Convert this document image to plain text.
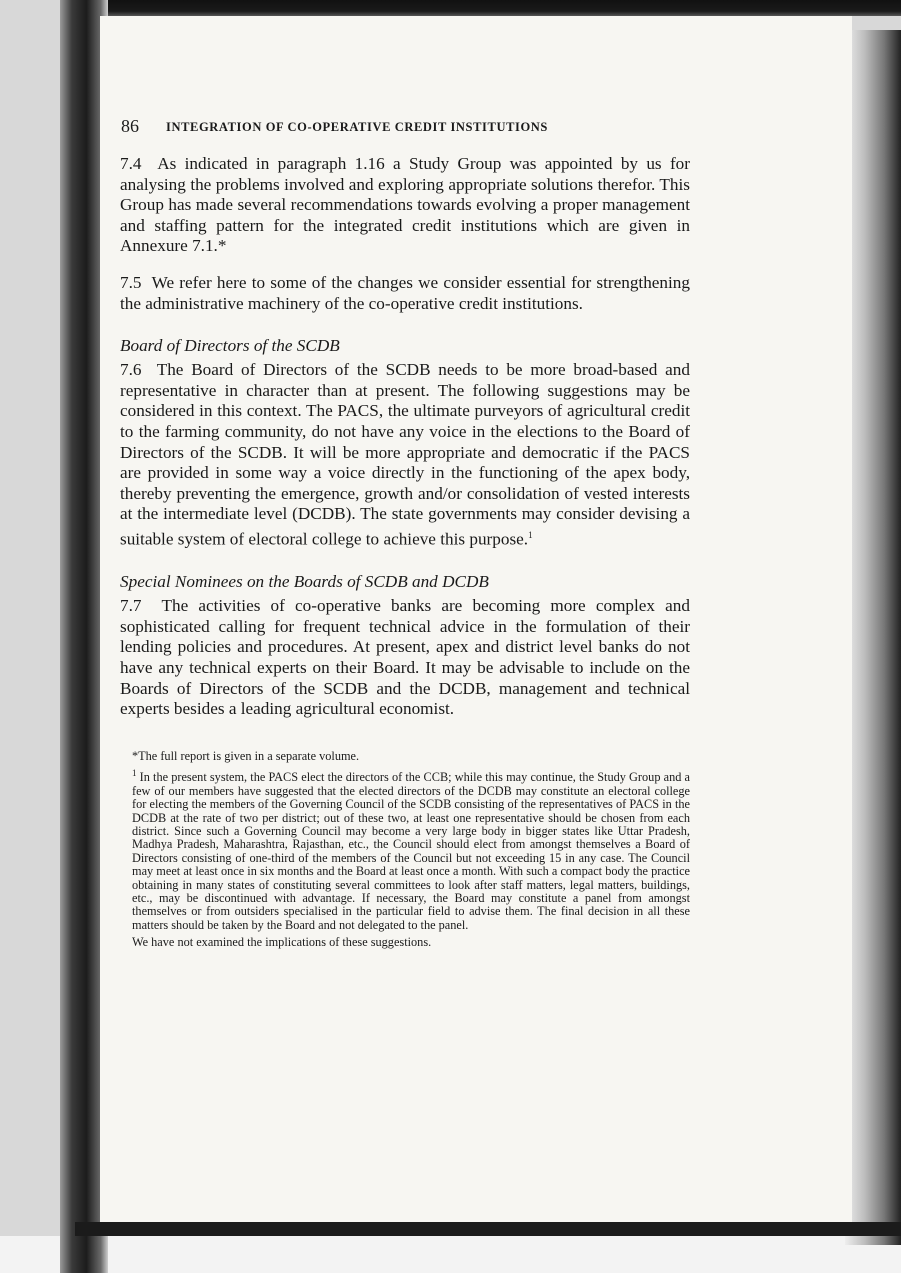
86 INTEGRATION OF CO-OPERATIVE CREDIT INSTITUTIONS

7.4 As indicated in paragraph 1.16 a Study Group was appointed by us for analysing the problems involved and exploring appropriate solutions therefor. This Group has made several recommendations towards evolving a proper management and staffing pattern for the integrated credit institutions which are given in Annexure 7.1.*

7.5 We refer here to some of the changes we consider essential for strengthening the administrative machinery of the co-operative credit institutions.

Board of Directors of the SCDB

7.6 The Board of Directors of the SCDB needs to be more broad-based and representative in character than at present. The following suggestions may be considered in this context. The PACS, the ultimate purveyors of agricultural credit to the farming community, do not have any voice in the elections to the Board of Directors of the SCDB. It will be more appropriate and democratic if the PACS are provided in some way a voice directly in the functioning of the apex body, thereby preventing the emergence, growth and/or consolidation of vested interests at the intermediate level (DCDB). The state governments may consider devising a suitable system of electoral college to achieve this purpose.$^1$

Special Nominees on the Boards of SCDB and DCDB

7.7 The activities of co-operative banks are becoming more complex and sophisticated calling for frequent technical advice in the formulation of their lending policies and procedures. At present, apex and district level banks do not have any technical experts on their Board. It may be advisable to include on the Boards of Directors of the SCDB and the DCDB, management and technical experts besides a leading agricultural economist.

*The full report is given in a separate volume.

$^1$ In the present system, the PACS elect the directors of the CCB; while this may continue, the Study Group and a few of our members have suggested that the elected directors of the DCDB may constitute an electoral college for electing the members of the Governing Council of the SCDB consisting of the representatives of PACS in the DCDB at the rate of two per district; out of these two, at least one representative should be chosen from each district. Since such a Governing Council may become a very large body in bigger states like Uttar Pradesh, Madhya Pradesh, Maharashtra, Rajasthan, etc., the Council should elect from amongst themselves a Board of Directors consisting of one-third of the members of the Council but not exceeding 15 in any case. The Council may meet at least once in six months and the Board at least once a month. With such a compact body the practice obtaining in many states of constituting several committees to look after staff matters, legal matters, buildings, etc., may be discontinued with advantage. If necessary, the Board may constitute a panel from amongst themselves or from outsiders specialised in the particular field to advise them. The final decision in all these matters should be taken by the Board and not delegated to the panel.

We have not examined the implications of these suggestions.
